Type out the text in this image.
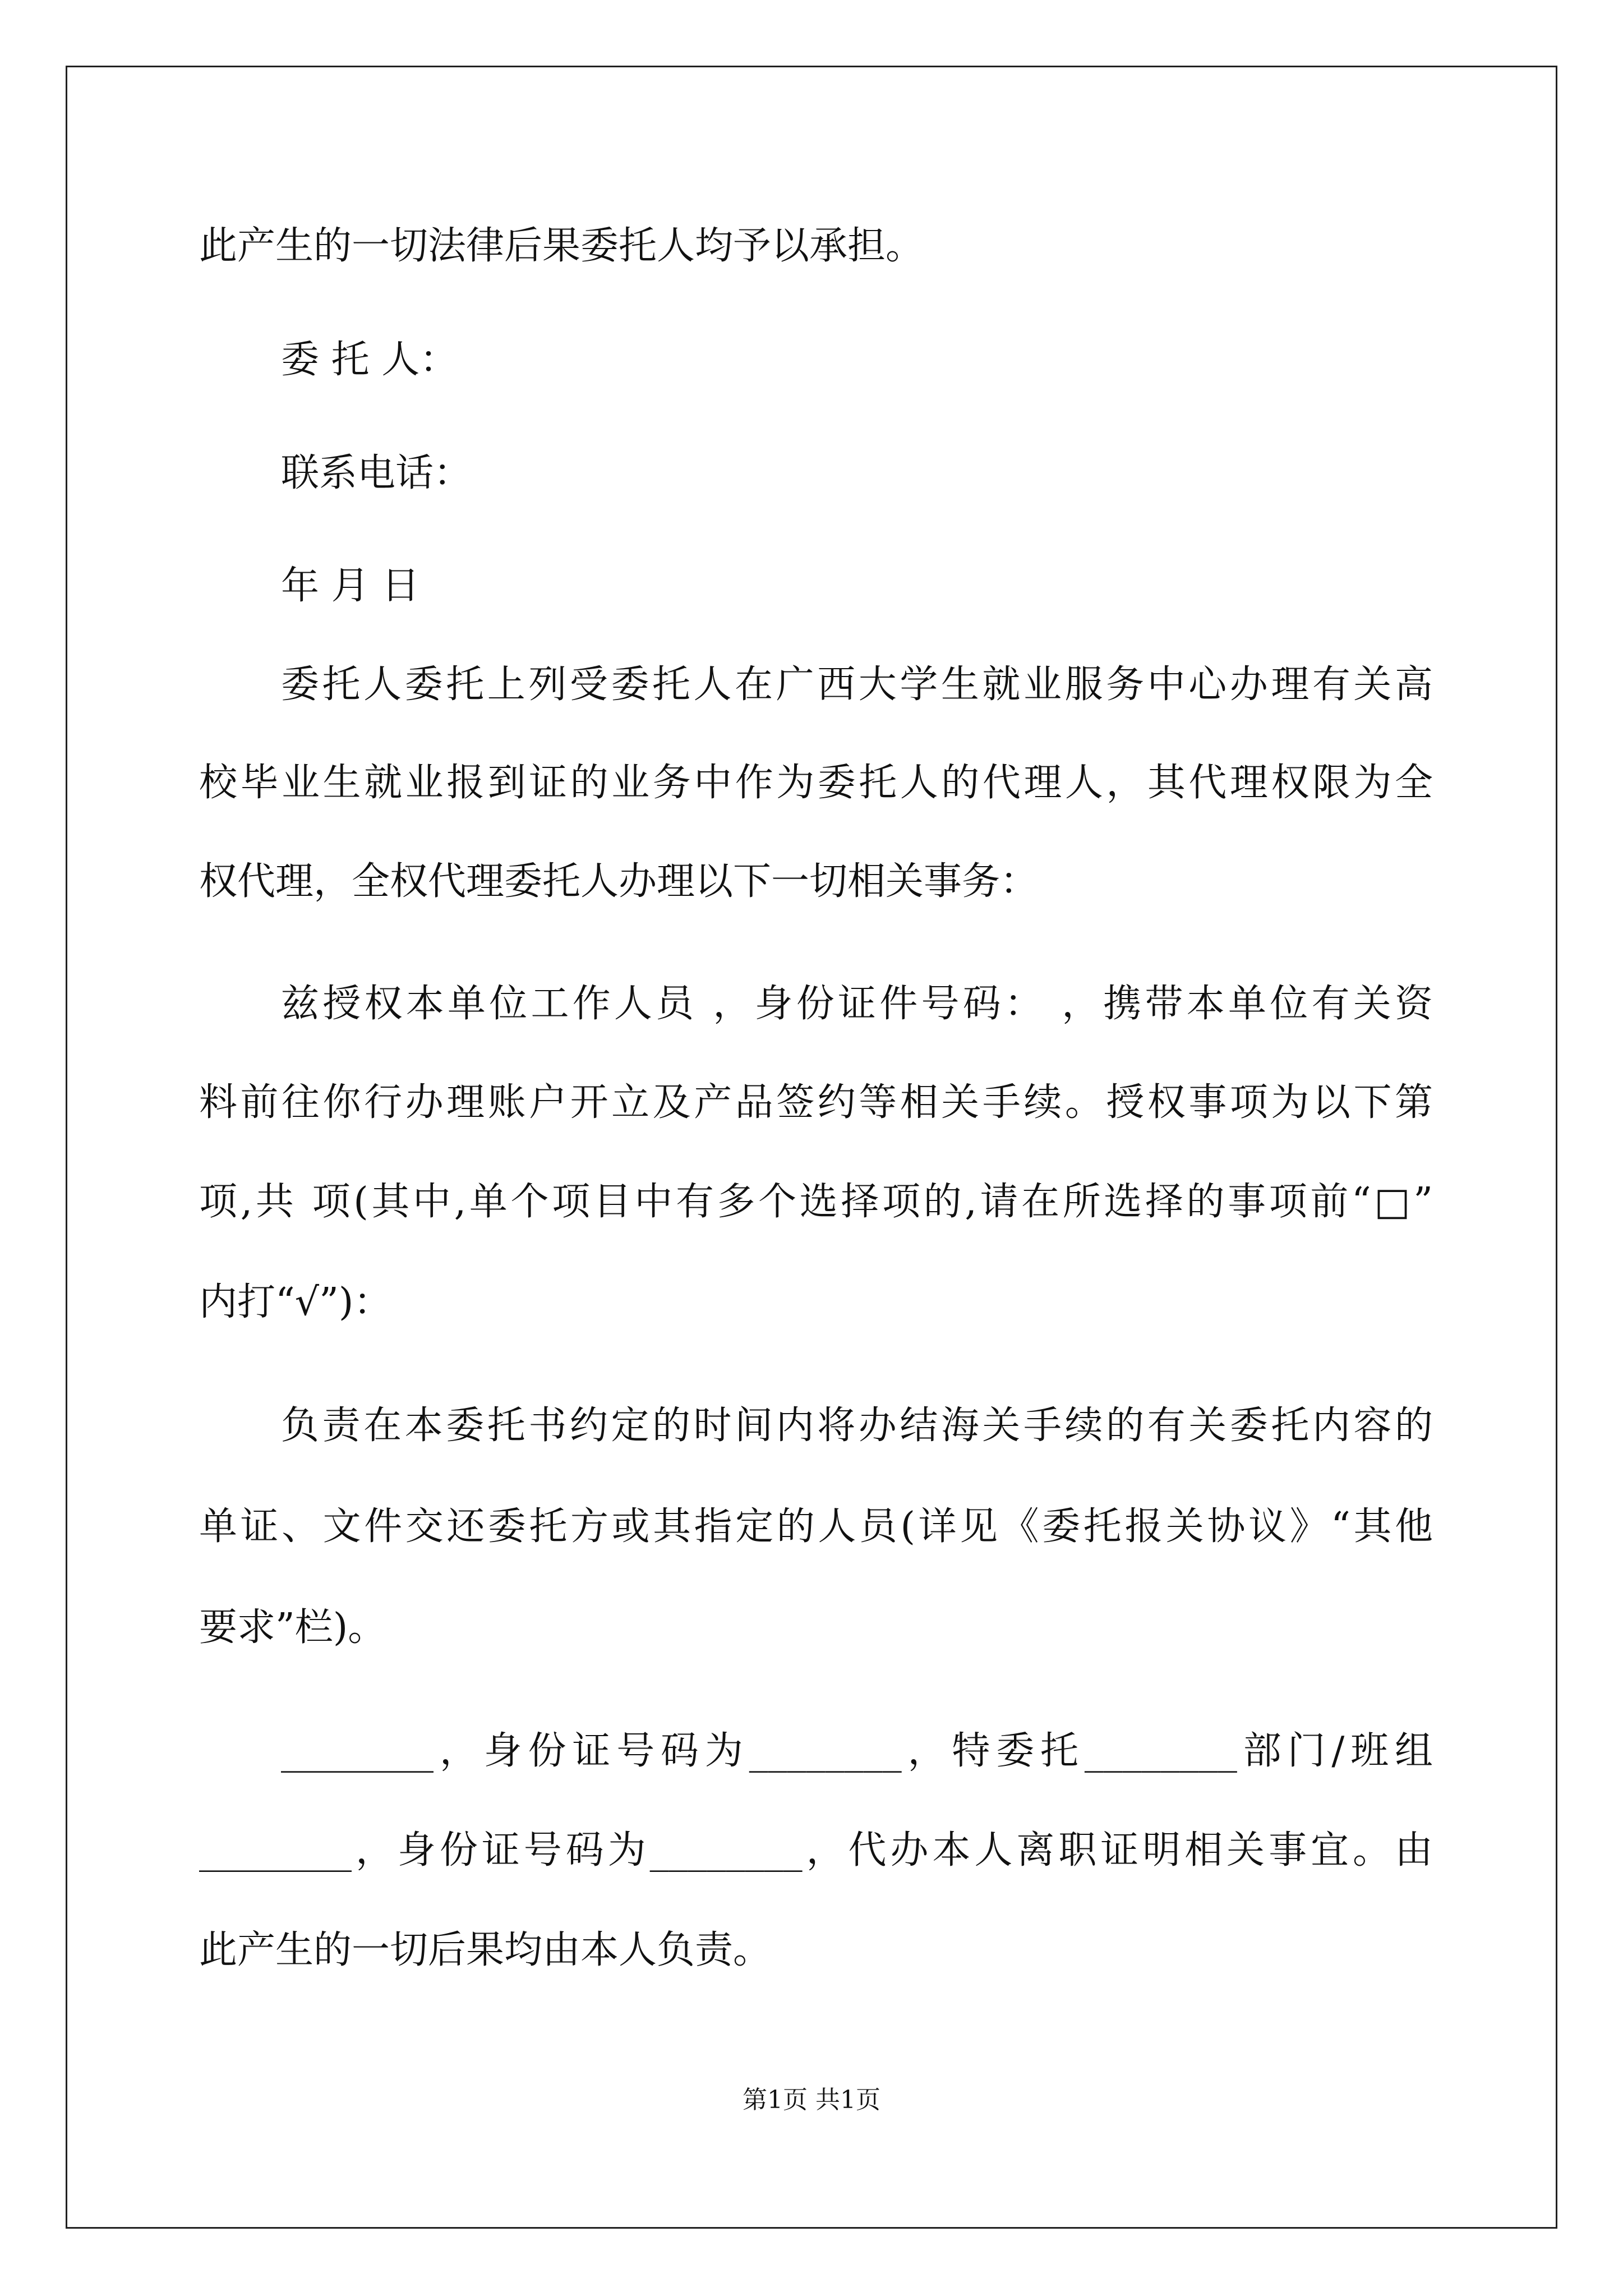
此产生的一切法律后果委托人均予以承担。
委 托 人：
联系电话：
年 月 日
委托人委托上列受委托人在广西大学生就业服务中心办理有关高
校毕业生就业报到证的业务中作为委托人的代理人，其代理权限为全
权代理，全权代理委托人办理以下一切相关事务：
兹授权本单位工作人员 ，身份证件号码： ，携带本单位有关资
料前往你行办理账户开立及产品签约等相关手续。授权事项为以下第
项,共 项(其中,单个项目中有多个选择项的,请在所选择的事项前“□”
内打“√”)：
负责在本委托书约定的时间内将办结海关手续的有关委托内容的
单证、文件交还委托方或其指定的人员(详见《委托报关协议》“其他
要求”栏)。
________，身份证号码为________，特委托________部门/班组
________，身份证号码为________，代办本人离职证明相关事宜。由
此产生的一切后果均由本人负责。
第1页 共1页
